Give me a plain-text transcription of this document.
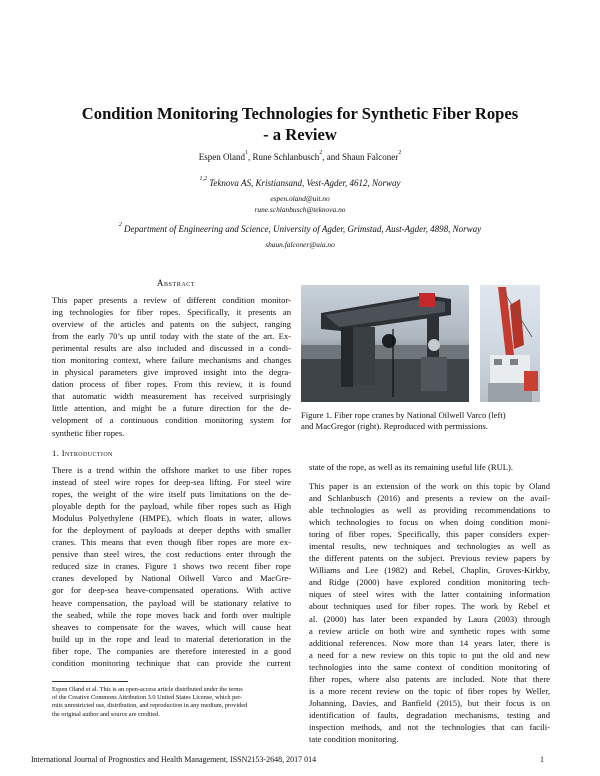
Condition Monitoring Technologies for Synthetic Fiber Ropes
- a Review
Espen Oland$^1$, Rune Schlanbusch$^2$, and Shaun Falconer$^2$
$^{1,2}$ Teknova AS, Kristiansand, Vest-Agder, 4612, Norway
espen.oland@uit.no
rune.schlanbusch@teknova.no
$^2$ Department of Engineering and Science, University of Agder, Grimstad, Aust-Agder, 4898, Norway
shaun.falconer@uia.no
Abstract
This paper presents a review of different condition monitor-
ing technologies for fiber ropes. Specifically, it presents an
overview of the articles and patents on the subject, ranging
from the early 70’s up until today with the state of the art. Ex-
perimental results are also included and discussed in a condi-
tion monitoring context, where failure mechanisms and changes
in physical parameters give improved insight into the degra-
dation process of fiber ropes. From this review, it is found
that automatic width measurement has received surprisingly
little attention, and might be a future direction for the de-
velopment of a continuous condition monitoring system for
synthetic fiber ropes.
1. Introduction
There is a trend within the offshore market to use fiber ropes
instead of steel wire ropes for deep-sea lifting. For steel wire
ropes, the weight of the wire itself puts limitations on the de-
ployable depth for the payload, while fiber ropes such as High
Modulus Polyethylene (HMPE), which floats in water, allows
for the deployment of payloads at deeper depths with smaller
cranes. This means that even though fiber ropes are more ex-
pensive than steel wires, the cost reductions enter through the
reduced size in cranes. Figure 1 shows two recent fiber rope
cranes developed by National Oilwell Varco and MacGre-
gor for deep-sea heave-compensated operations. With active
heave compensation, the payload will be stationary relative to
the seabed, while the rope moves back and forth over multiple
sheaves to compensate for the waves, which will cause heat
build up in the rope and lead to material deterioration in the
fiber rope. The companies are therefore interested in a good
condition monitoring technique that can provide the current
Espen Oland et al. This is an open-access article distributed under the terms
of the Creative Commons Attribution 3.0 United States License, which per-
mits unrestricted use, distribution, and reproduction in any medium, provided
the original author and source are credited.
Figure 1. Fiber rope cranes by National Oilwell Varco (left)
and MacGregor (right). Reproduced with permissions.
state of the rope, as well as its remaining useful life (RUL).
This paper is an extension of the work on this topic by Oland
and Schlanbusch (2016) and presents a review on the avail-
able technologies as well as providing recommendations to
which technologies to focus on when doing condition moni-
toring of fiber ropes. Specifically, this paper considers exper-
imental results, new techniques and technologies as well as
the different patents on the subject. Previous review papers by
Williams and Lee (1982) and Rebel, Chaplin, Groves-Kirkby,
and Ridge (2000) have explored condition monitoring tech-
niques of steel wires with the latter containing information
about techniques used for fiber ropes. The work by Rebel et
al. (2000) has later been expanded by Laura (2003) through
a review article on both wire and synthetic ropes with some
additional references. Now more than 14 years later, there is
a need for a new review on this topic to put the old and new
technologies into the same context of condition monitoring of
fiber ropes, where also patents are included. Note that there
is a more recent review on the topic of fiber ropes by Weller,
Johanning, Davies, and Banfield (2015), but their focus is on
identification of faults, degradation mechanisms, testing and
inspection methods, and not the technologies that can facili-
tate condition monitoring.
International Journal of Prognostics and Health Management, ISSN2153-2648, 2017 014	1
